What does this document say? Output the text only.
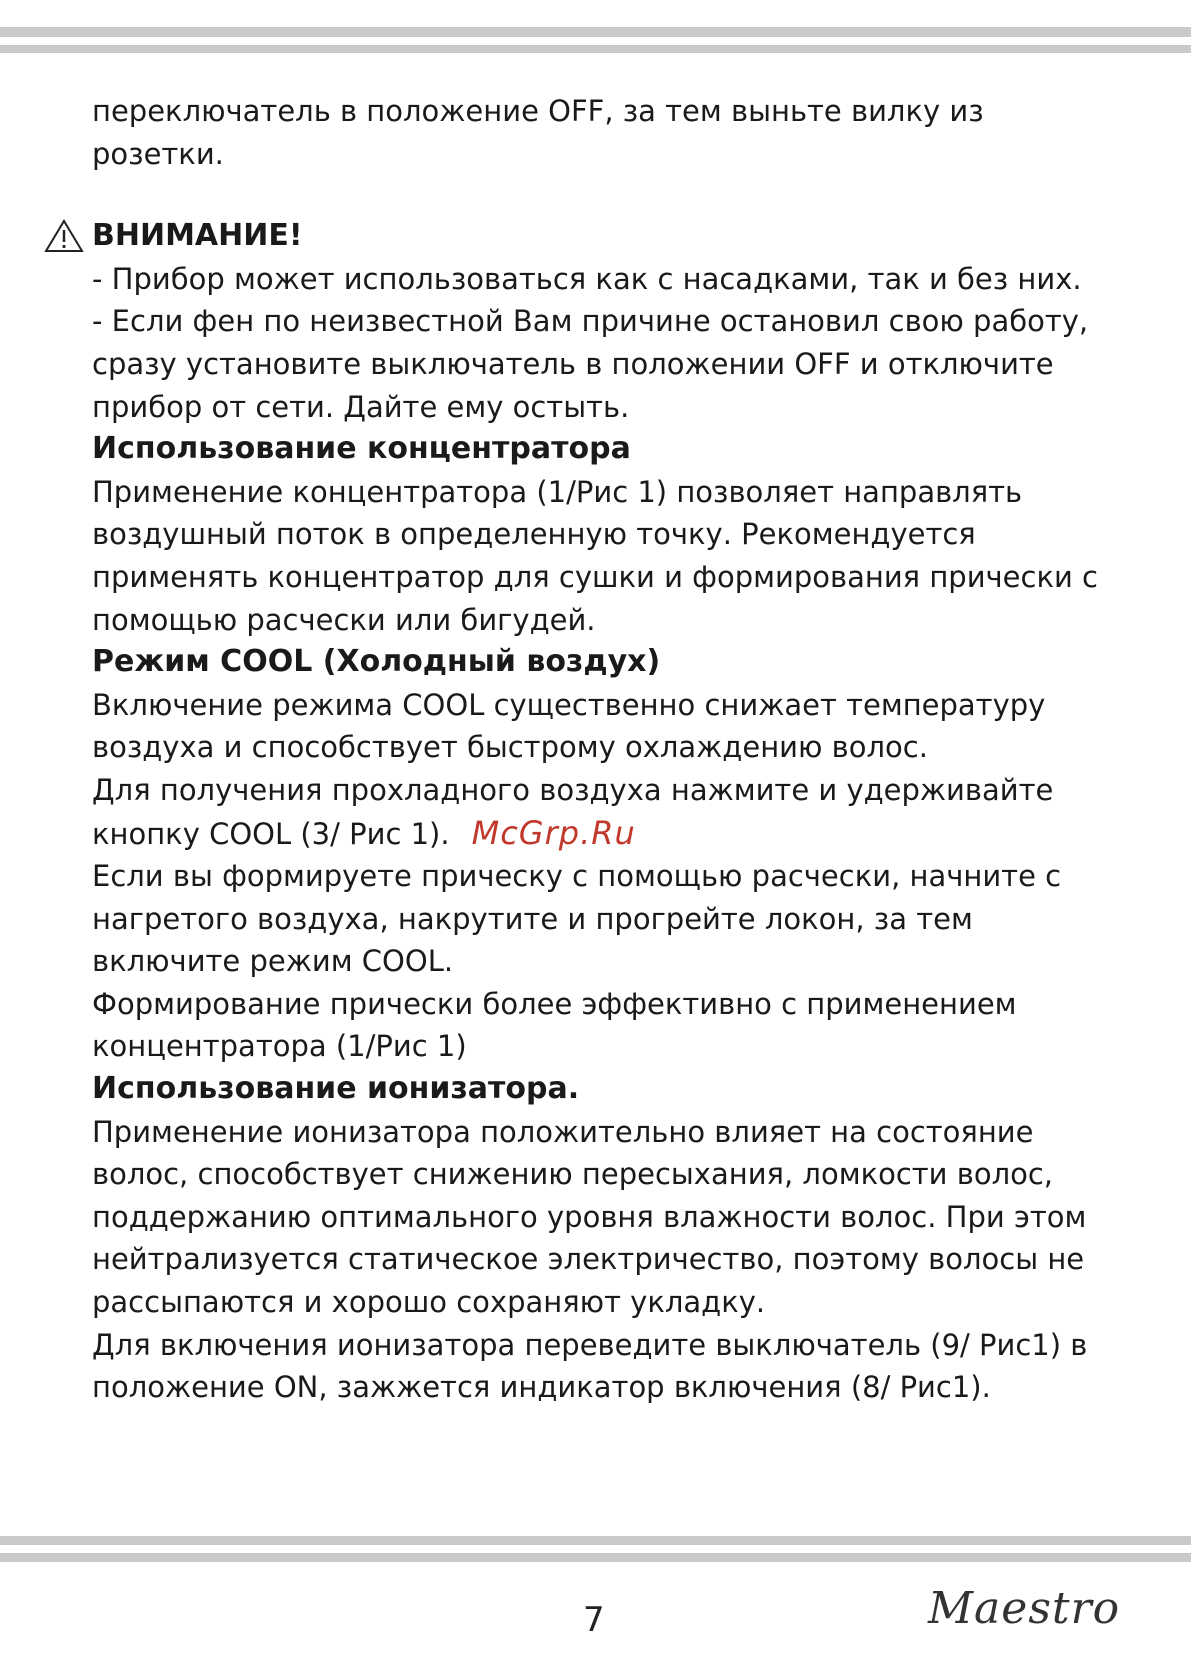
переключатель в положение OFF, за тем выньте вилку из

розетки.

ВНИМАНИЕ!

- Прибор может использоваться как с насадками, так и без них.

- Если фен по неизвестной Вам причине остановил свою работу,

сразу установите выключатель в положении OFF и отключите

прибор от сети. Дайте ему остыть.

Использование концентратора

Применение концентратора (1/Рис 1) позволяет направлять

воздушный поток в определенную точку. Рекомендуется

применять концентратор для сушки и формирования прически с

помощью расчески или бигудей.

Режим COOL (Холодный воздух)

Включение режима COOL существенно снижает температуру

воздуха и способствует быстрому охлаждению волос.

Для получения прохладного воздуха нажмите и удерживайте

кнопку COOL (3/ Рис 1). McGrp.Ru

Если вы формируете прическу с помощью расчески, начните с

нагретого воздуха, накрутите и прогрейте локон, за тем

включите режим COOL.

Формирование прически более эффективно с применением

концентратора (1/Рис 1)

Использование ионизатора.

Применение ионизатора положительно влияет на состояние

волос, способствует снижению пересыхания, ломкости волос,

поддержанию оптимального уровня влажности волос. При этом

нейтрализуется статическое электричество, поэтому волосы не

рассыпаются и хорошо сохраняют укладку.

Для включения ионизатора переведите выключатель (9/ Рис1) в

положение ON, зажжется индикатор включения (8/ Рис1).

7	Maestro
